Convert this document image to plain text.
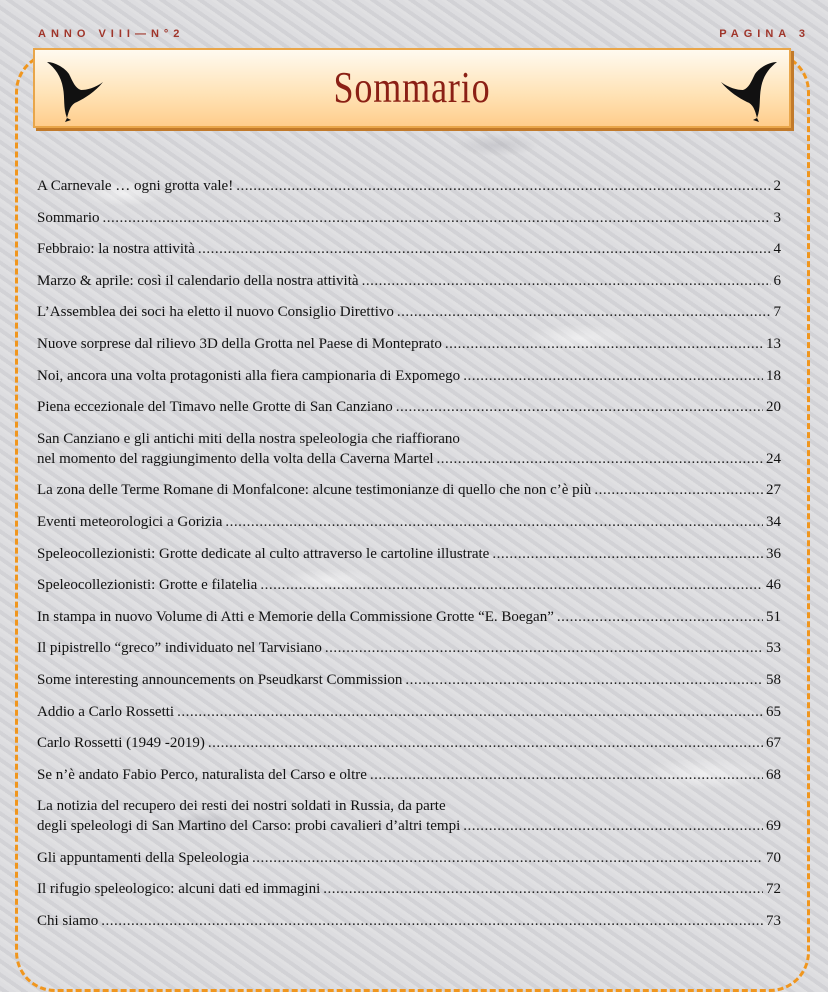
ANNO VIII—N°2	PAGINA 3
Sommario
A Carnevale … ogni grotta vale! .....	2
Sommario .....	3
Febbraio: la nostra attività .....	4
Marzo & aprile: così il calendario della nostra attività .....	6
L’Assemblea dei soci ha eletto il nuovo Consiglio Direttivo .....	7
Nuove sorprese dal rilievo 3D della Grotta nel Paese di Monteprato .....	13
Noi, ancora una volta protagonisti alla fiera campionaria di Expomego .....	18
Piena eccezionale del Timavo nelle Grotte di San Canziano .....	20
San Canziano e gli antichi miti della nostra speleologia che riaffiorano
nel momento del raggiungimento della volta della Caverna Martel .....	24
La zona delle Terme Romane di Monfalcone: alcune testimonianze di quello che non c’è più .....	27
Eventi meteorologici a Gorizia .....	34
Speleocollezionisti: Grotte dedicate al culto attraverso le cartoline illustrate .....	36
Speleocollezionisti: Grotte e filatelia .....	46
In stampa in nuovo Volume di Atti e Memorie della Commissione Grotte “E. Boegan” .....	51
Il pipistrello “greco” individuato nel Tarvisiano .....	53
Some interesting announcements on Pseudkarst Commission .....	58
Addio a Carlo Rossetti .....	65
Carlo Rossetti (1949 -2019) .....	67
Se n’è andato Fabio Perco, naturalista del Carso e oltre .....	68
La notizia del recupero dei resti dei nostri soldati in Russia, da parte
degli speleologi di San Martino del Carso: probi cavalieri d’altri tempi .....	69
Gli appuntamenti della Speleologia .....	70
Il rifugio speleologico: alcuni dati ed immagini .....	72
Chi siamo .....	73
